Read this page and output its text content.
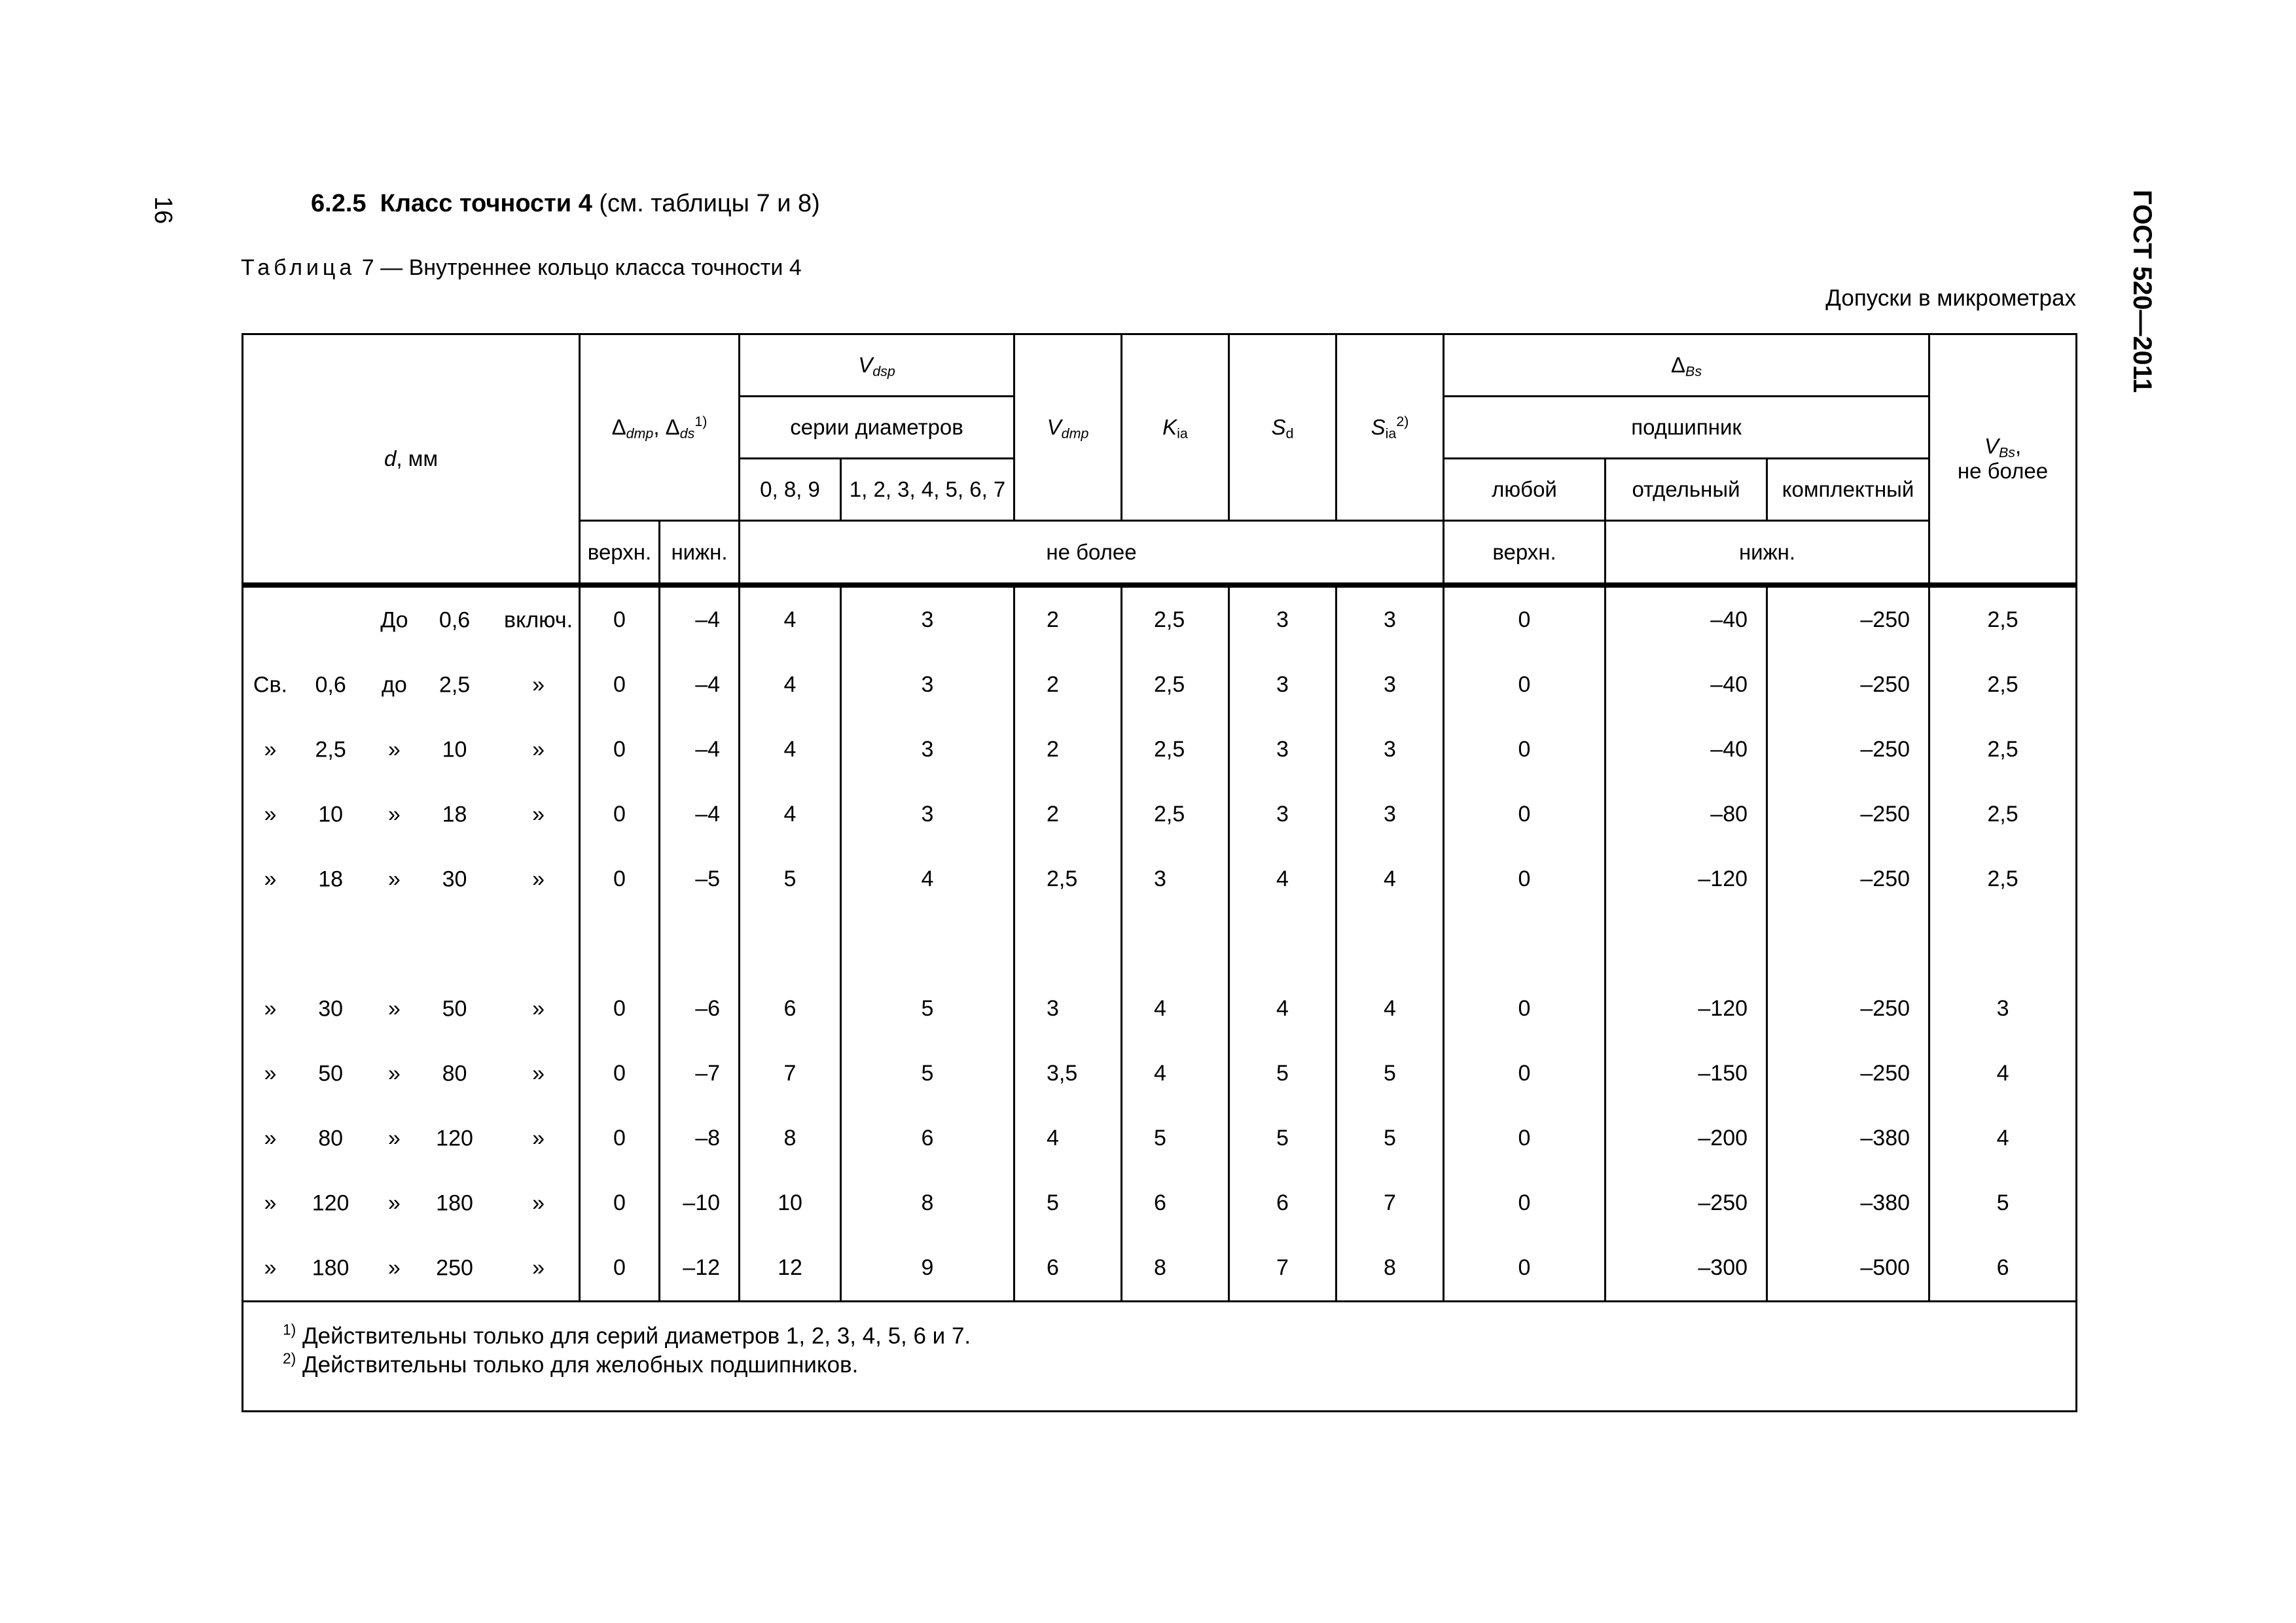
16	ГОСТ 520—2011
6.2.5 Класс точности 4 (см. таблицы 7 и 8)
Таблица 7 — Внутреннее кольцо класса точности 4
Допуски в микрометрах
d, мм	$\Delta_{dmp}$, $\Delta_{ds}^{1)}$		$V_{dsp}$		$V_{dmp}$	$K_{ia}$	$S_d$	$S_{ia}^{2)}$	$\Delta_{Bs}$			$V_{Bs}$,
не более
			серии диаметров						подшипник			
			0, 8, 9	1, 2, 3, 4, 5, 6, 7					любой	отдельный	комплектный	
	верхн.	нижн.	не более						верхн.	нижн.		

До 0,6 включ.	0	–4	4	3	2	2,5	3	3	0	–40	–250	2,5

Св. 0,6 до 2,5 »	0	–4	4	3	2	2,5	3	3	0	–40	–250	2,5

» 2,5 » 10 »	0	–4	4	3	2	2,5	3	3	0	–40	–250	2,5

» 10 » 18 »	0	–4	4	3	2	2,5	3	3	0	–80	–250	2,5

» 18 » 30 »	0	–5	5	4	2,5	3	4	4	0	–120	–250	2,5

» 30 » 50 »	0	–6	6	5	3	4	4	4	0	–120	–250	3

» 50 » 80 »	0	–7	7	5	3,5	4	5	5	0	–150	–250	4

» 80 » 120 »	0	–8	8	6	4	5	5	5	0	–200	–380	4

» 120 » 180 »	0	–10	10	8	5	6	6	7	0	–250	–380	5

» 180 » 250 »	0	–12	12	9	6	8	7	8	0	–300	–500	6

$^{1)}$ Действительны только для серий диаметров 1, 2, 3, 4, 5, 6 и 7.
$^{2)}$ Действительны только для желобных подшипников.												
